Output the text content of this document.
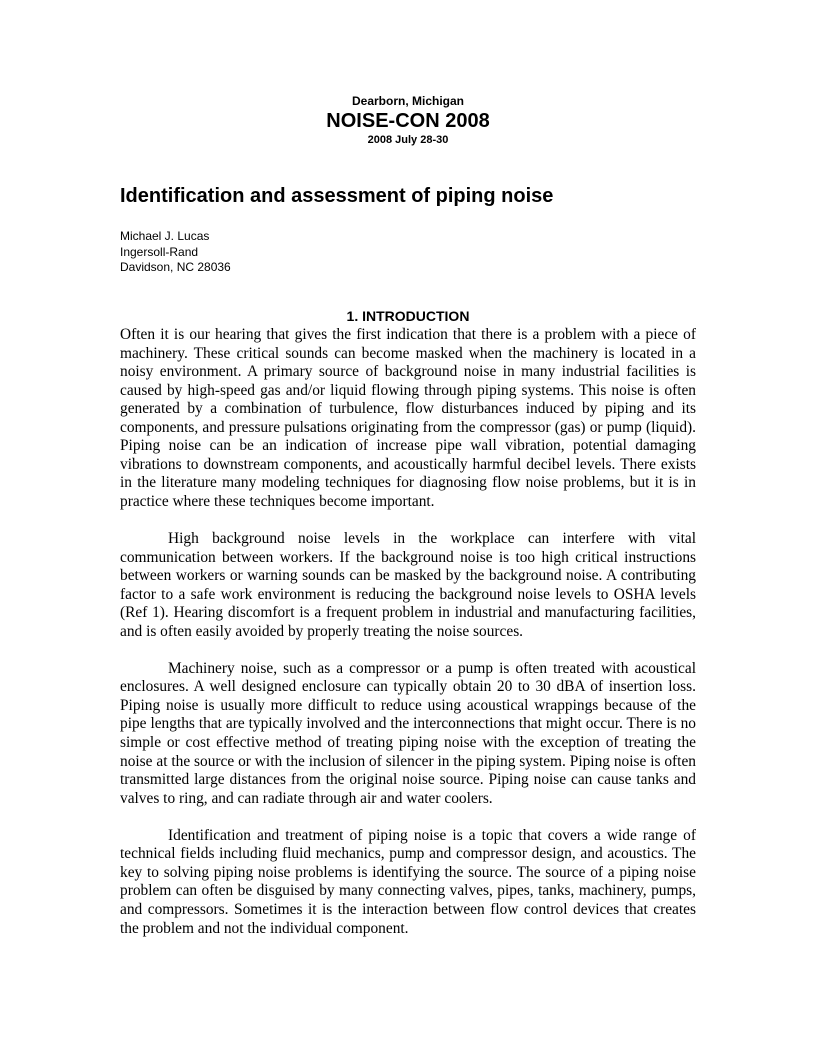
Dearborn, Michigan
NOISE-CON 2008
2008 July 28-30
Identification and assessment of piping noise
Michael J. Lucas
Ingersoll-Rand
Davidson, NC 28036
1. INTRODUCTION

Often it is our hearing that gives the first indication that there is a problem with a piece of machinery. These critical sounds can become masked when the machinery is located in a noisy environment. A primary source of background noise in many industrial facilities is caused by high-speed gas and/or liquid flowing through piping systems. This noise is often generated by a combination of turbulence, flow disturbances induced by piping and its components, and pressure pulsations originating from the compressor (gas) or pump (liquid). Piping noise can be an indication of increase pipe wall vibration, potential damaging vibrations to downstream components, and acoustically harmful decibel levels. There exists in the literature many modeling techniques for diagnosing flow noise problems, but it is in practice where these techniques become important.

High background noise levels in the workplace can interfere with vital communication between workers. If the background noise is too high critical instructions between workers or warning sounds can be masked by the background noise. A contributing factor to a safe work environment is reducing the background noise levels to OSHA levels (Ref 1). Hearing discomfort is a frequent problem in industrial and manufacturing facilities, and is often easily avoided by properly treating the noise sources.

Machinery noise, such as a compressor or a pump is often treated with acoustical enclosures. A well designed enclosure can typically obtain 20 to 30 dBA of insertion loss. Piping noise is usually more difficult to reduce using acoustical wrappings because of the pipe lengths that are typically involved and the interconnections that might occur. There is no simple or cost effective method of treating piping noise with the exception of treating the noise at the source or with the inclusion of silencer in the piping system. Piping noise is often transmitted large distances from the original noise source. Piping noise can cause tanks and valves to ring, and can radiate through air and water coolers.

Identification and treatment of piping noise is a topic that covers a wide range of technical fields including fluid mechanics, pump and compressor design, and acoustics. The key to solving piping noise problems is identifying the source. The source of a piping noise problem can often be disguised by many connecting valves, pipes, tanks, machinery, pumps, and compressors. Sometimes it is the interaction between flow control devices that creates the problem and not the individual component.
